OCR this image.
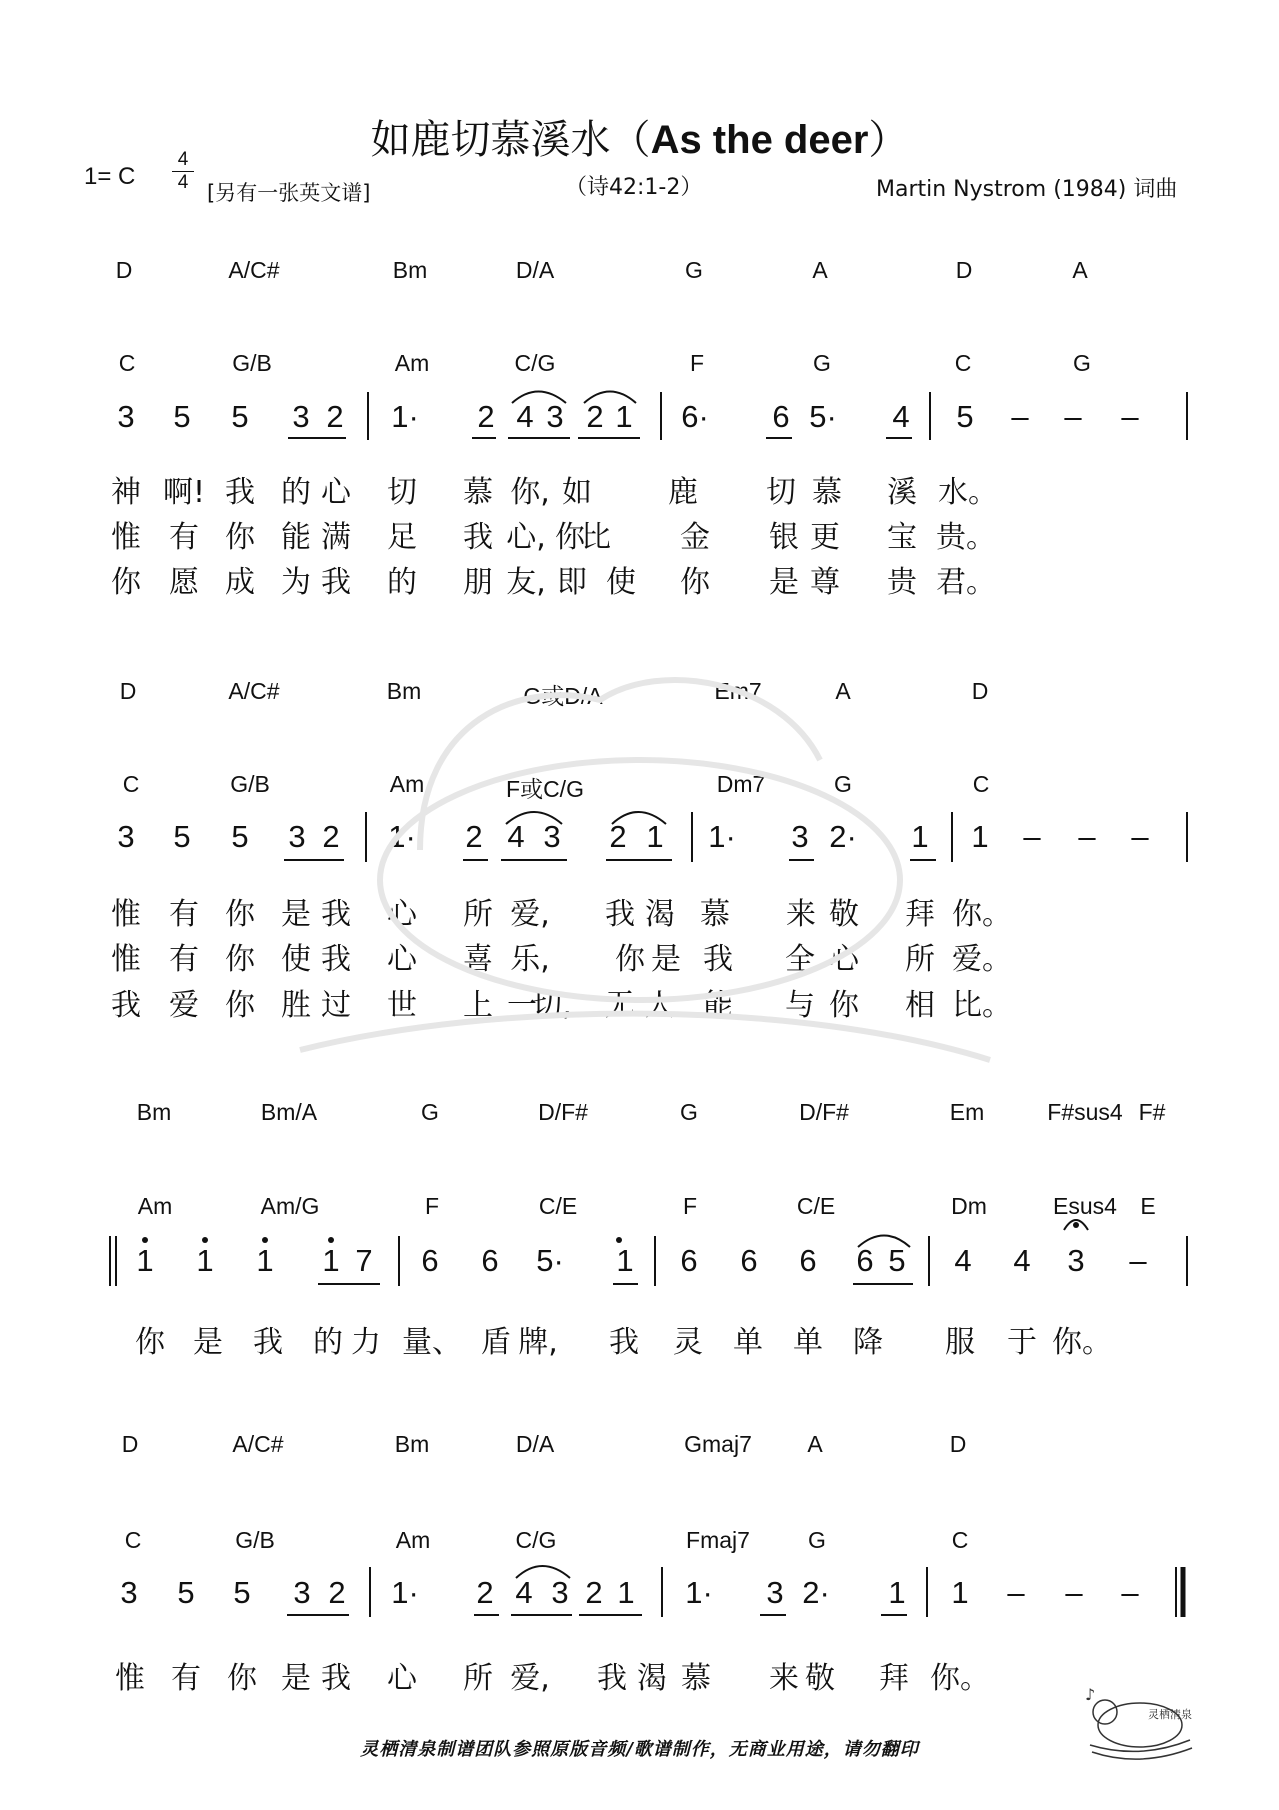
如鹿切慕溪水（As the deer）
1= C
4
4 [另有一张英文谱]	（诗42:1-2）	Martin Nystrom (1984) 词曲
D	A/C#	Bm	D/A	G	A	D	A
C	G/B	Am	C/G	F	G	C	G
3 5 5 3 2 1· 2 4 3 2 1 6· 6 5· 4 5 – – –
神 啊! 我 的 心 切 慕 你, 如	鹿 切 慕 溪 水。
惟 有 你 能 满 足 我 心, 你
比 金 银 更 宝 贵。
你 愿 成 为 我 的 朋 友, 即 使 你 是 尊 贵 君。
D	A/C#	Bm	G或D/A	Em7	A	D
C	G/B	Am	F或C/G	Dm7	G	C
3 5 5 3 2 1· 2 4 3 2 1 1· 3 2· 1 1 – – –
惟 有 你 是 我 心 所 爱, 我 渴 慕 来 敬 拜 你。
惟 有 你 使 我 心 喜 乐, 你 是 我 全 心 所 爱。
我 爱 你 胜 过 世 上 一
切, 无 人 能 与 你 相 比。
Bm	Bm/A	G	D/F#	G	D/F#	Em	F#sus4 F#
Am	Am/G	F	C/E	F	C/E	Dm	Esus4 E
1 1 1 1 7 6 6 5· 1 6 6 6 6 5 4 4 3 –
你 是 我 的 力 量、 盾 牌, 我 灵 单 单 降 服 于 你。
D	A/C#	Bm	D/A	Gmaj7 A	D
C	G/B	Am	C/G	Fmaj7	G	C
3 5 5 3 2 1· 2 4 3 2 1 1· 3 2· 1 1 – – –
惟 有 你 是 我 心 所 爱, 我 渴 慕 来 敬 拜 你。
灵栖清泉
♪
灵栖清泉制谱团队参照原版音频/歌谱制作，无商业用途，请勿翻印
